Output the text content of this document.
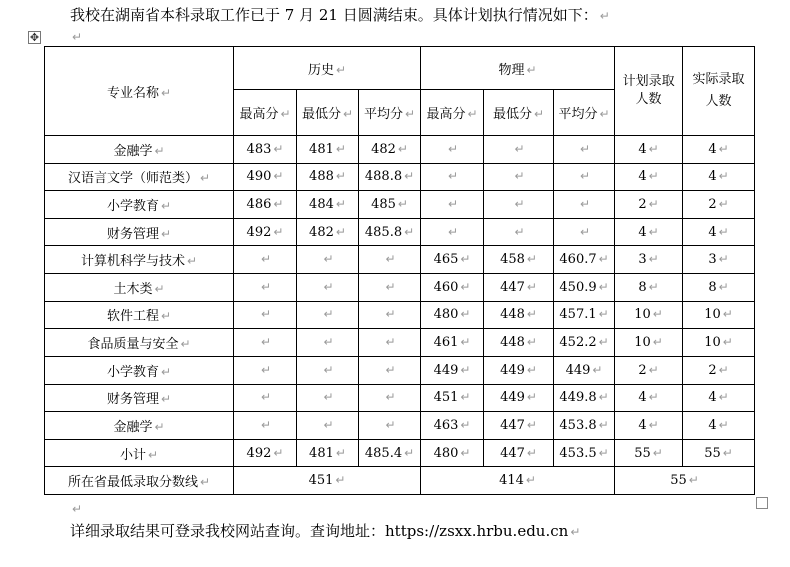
我校在湖南省本科录取工作已于 7 月 21 日圆满结束。具体计划执行情况如下： ↵
✥	↵
专业名称 ↵	历史 ↵			物理 ↵			计划录取人数	实际录取人数

	最高分 ↵	最低分 ↵	平均分 ↵	最高分 ↵	最低分 ↵	平均分 ↵		
金融学 ↵	483 ↵	481 ↵	482 ↵	↵	↵	↵	4 ↵	4 ↵
汉语言文学（师范类） ↵	490 ↵	488 ↵	488.8 ↵	↵	↵	↵	4 ↵	4 ↵
小学教育 ↵	486 ↵	484 ↵	485 ↵	↵	↵	↵	2 ↵	2 ↵
财务管理 ↵	492 ↵	482 ↵	485.8 ↵	↵	↵	↵	4 ↵	4 ↵
计算机科学与技术 ↵	↵	↵	↵	465 ↵	458 ↵	460.7 ↵	3 ↵	3 ↵
土木类 ↵	↵	↵	↵	460 ↵	447 ↵	450.9 ↵	8 ↵	8 ↵
软件工程 ↵	↵	↵	↵	480 ↵	448 ↵	457.1 ↵	10 ↵	10 ↵
食品质量与安全 ↵	↵	↵	↵	461 ↵	448 ↵	452.2 ↵	10 ↵	10 ↵
小学教育 ↵	↵	↵	↵	449 ↵	449 ↵	449 ↵	2 ↵	2 ↵
财务管理 ↵	↵	↵	↵	451 ↵	449 ↵	449.8 ↵	4 ↵	4 ↵
金融学 ↵	↵	↵	↵	463 ↵	447 ↵	453.8 ↵	4 ↵	4 ↵
小计 ↵	492 ↵	481 ↵	485.4 ↵	480 ↵	447 ↵	453.5 ↵	55 ↵	55 ↵
所在省最低录取分数线 ↵	451 ↵			414 ↵			55 ↵	
↵
详细录取结果可登录我校网站查询。查询地址：https://zsxx.hrbu.edu.cn ↵
